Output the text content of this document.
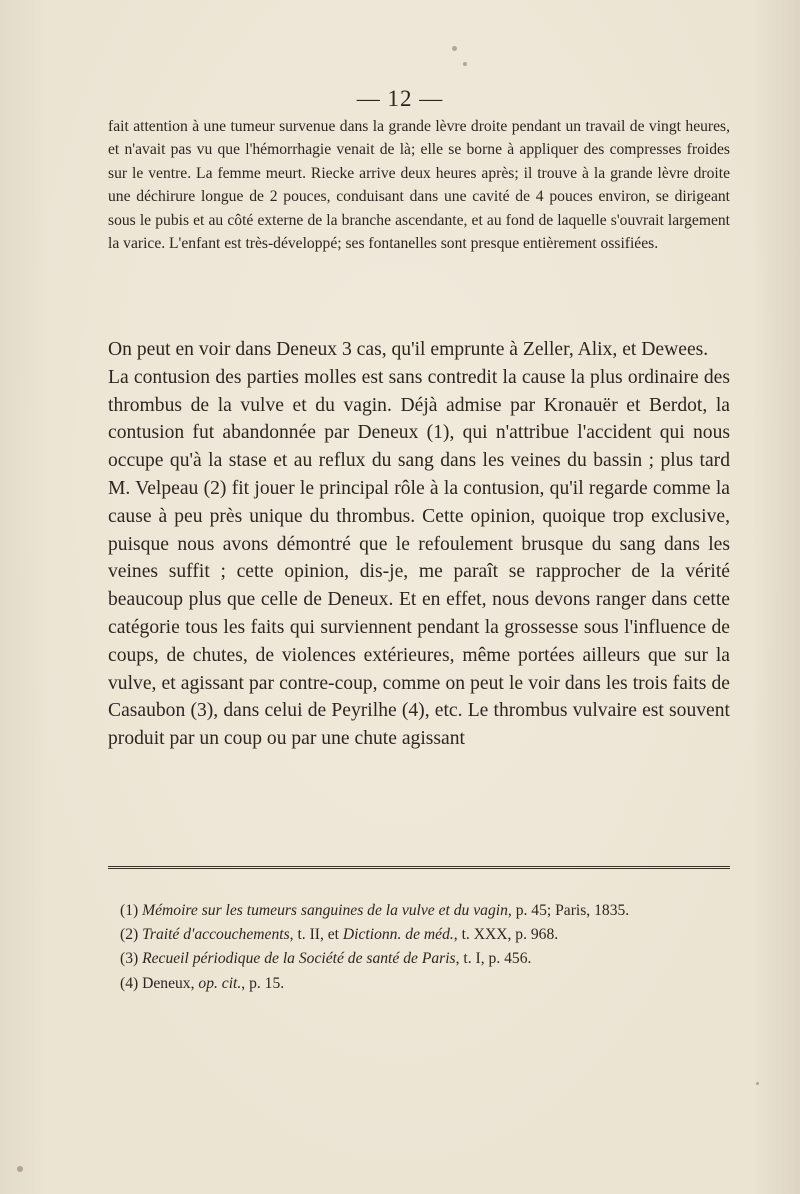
— 12 —

fait attention à une tumeur survenue dans la grande lèvre droite pendant un travail de vingt heures, et n'avait pas vu que l'hémorrhagie venait de là; elle se borne à appliquer des compresses froides sur le ventre. La femme meurt. Riecke arrive deux heures après; il trouve à la grande lèvre droite une déchirure longue de 2 pouces, conduisant dans une cavité de 4 pouces environ, se dirigeant sous le pubis et au côté externe de la branche ascendante, et au fond de laquelle s'ouvrait largement la varice. L'enfant est très-développé; ses fontanelles sont presque entièrement ossifiées.

On peut en voir dans Deneux 3 cas, qu'il emprunte à Zeller, Alix, et Dewees.

La contusion des parties molles est sans contredit la cause la plus ordinaire des thrombus de la vulve et du vagin. Déjà admise par Kronauër et Berdot, la contusion fut abandonnée par Deneux (1), qui n'attribue l'accident qui nous occupe qu'à la stase et au reflux du sang dans les veines du bassin ; plus tard M. Velpeau (2) fit jouer le principal rôle à la contusion, qu'il regarde comme la cause à peu près unique du thrombus. Cette opinion, quoique trop exclusive, puisque nous avons démontré que le refoulement brusque du sang dans les veines suffit ; cette opinion, dis-je, me paraît se rapprocher de la vérité beaucoup plus que celle de Deneux. Et en effet, nous devons ranger dans cette catégorie tous les faits qui surviennent pendant la grossesse sous l'influence de coups, de chutes, de violences extérieures, même portées ailleurs que sur la vulve, et agissant par contre-coup, comme on peut le voir dans les trois faits de Casaubon (3), dans celui de Peyrilhe (4), etc. Le thrombus vulvaire est souvent produit par un coup ou par une chute agissant

(1) Mémoire sur les tumeurs sanguines de la vulve et du vagin, p. 45; Paris, 1835.

(2) Traité d'accouchements, t. II, et Dictionn. de méd., t. XXX, p. 968.

(3) Recueil périodique de la Société de santé de Paris, t. I, p. 456.

(4) Deneux, op. cit., p. 15.
